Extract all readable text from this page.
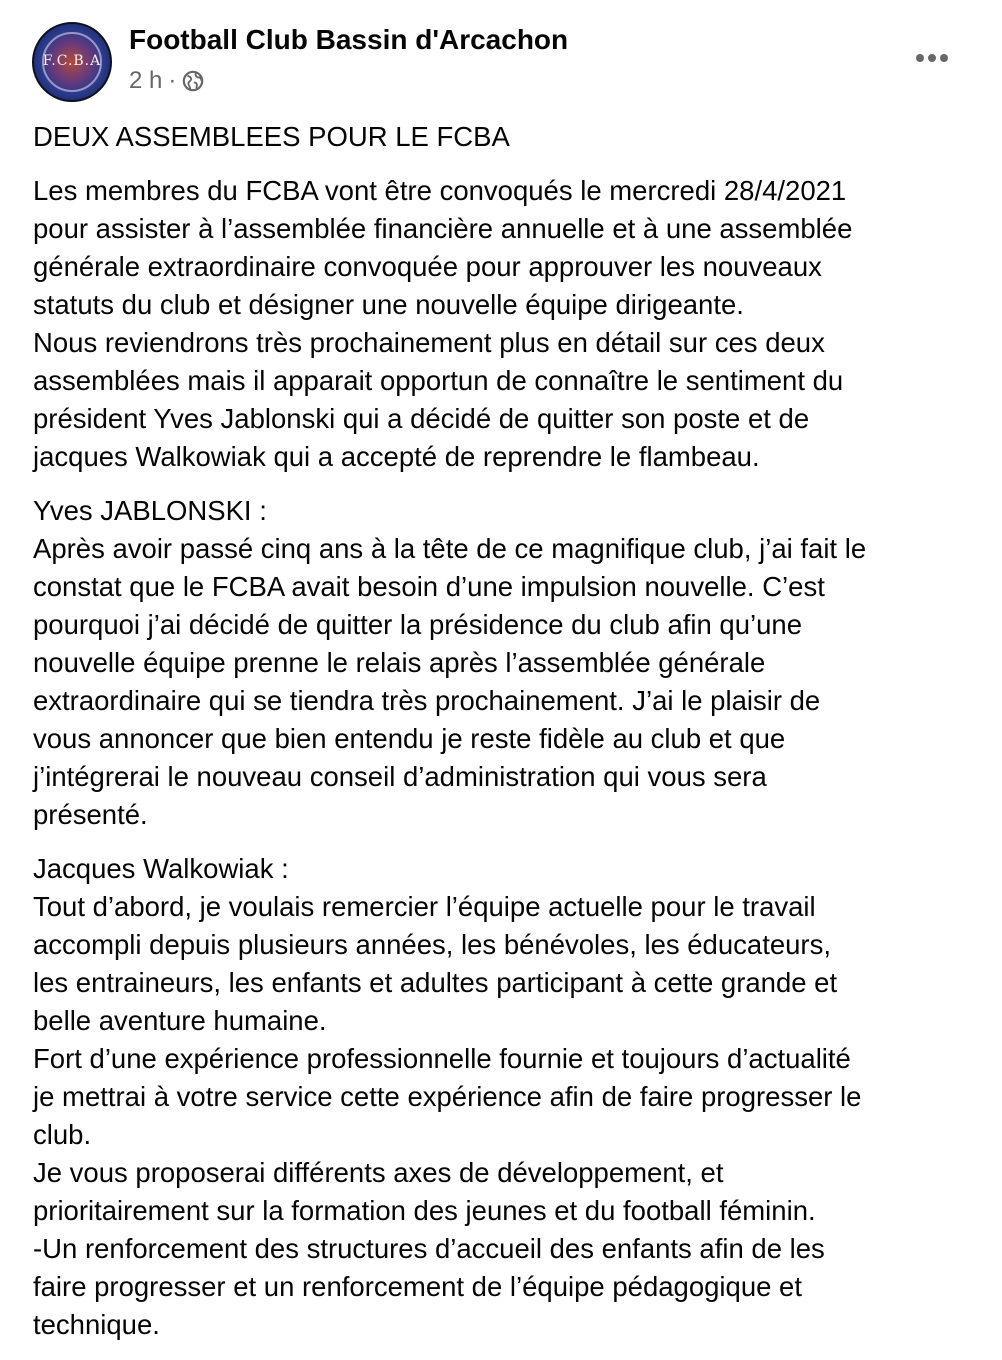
F.C.B.A
Football Club Bassin d'Arcachon
2 h ·

DEUX ASSEMBLEES POUR LE FCBA

Les membres du FCBA vont être convoqués le mercredi 28/4/2021
pour assister à l’assemblée financière annuelle et à une assemblée
générale extraordinaire convoquée pour approuver les nouveaux
statuts du club et désigner une nouvelle équipe dirigeante.
Nous reviendrons très prochainement plus en détail sur ces deux
assemblées mais il apparait opportun de connaître le sentiment du
président Yves Jablonski qui a décidé de quitter son poste et de
jacques Walkowiak qui a accepté de reprendre le flambeau.

Yves JABLONSKI :
Après avoir passé cinq ans à la tête de ce magnifique club, j’ai fait le
constat que le FCBA avait besoin d’une impulsion nouvelle. C’est
pourquoi j’ai décidé de quitter la présidence du club afin qu’une
nouvelle équipe prenne le relais après l’assemblée générale
extraordinaire qui se tiendra très prochainement. J’ai le plaisir de
vous annoncer que bien entendu je reste fidèle au club et que
j’intégrerai le nouveau conseil d’administration qui vous sera
présenté.

Jacques Walkowiak :
Tout d’abord, je voulais remercier l’équipe actuelle pour le travail
accompli depuis plusieurs années, les bénévoles, les éducateurs,
les entraineurs, les enfants et adultes participant à cette grande et
belle aventure humaine.
Fort d’une expérience professionnelle fournie et toujours d’actualité
je mettrai à votre service cette expérience afin de faire progresser le
club.
Je vous proposerai différents axes de développement, et
prioritairement sur la formation des jeunes et du football féminin.
-Un renforcement des structures d’accueil des enfants afin de les
faire progresser et un renforcement de l’équipe pédagogique et
technique.
